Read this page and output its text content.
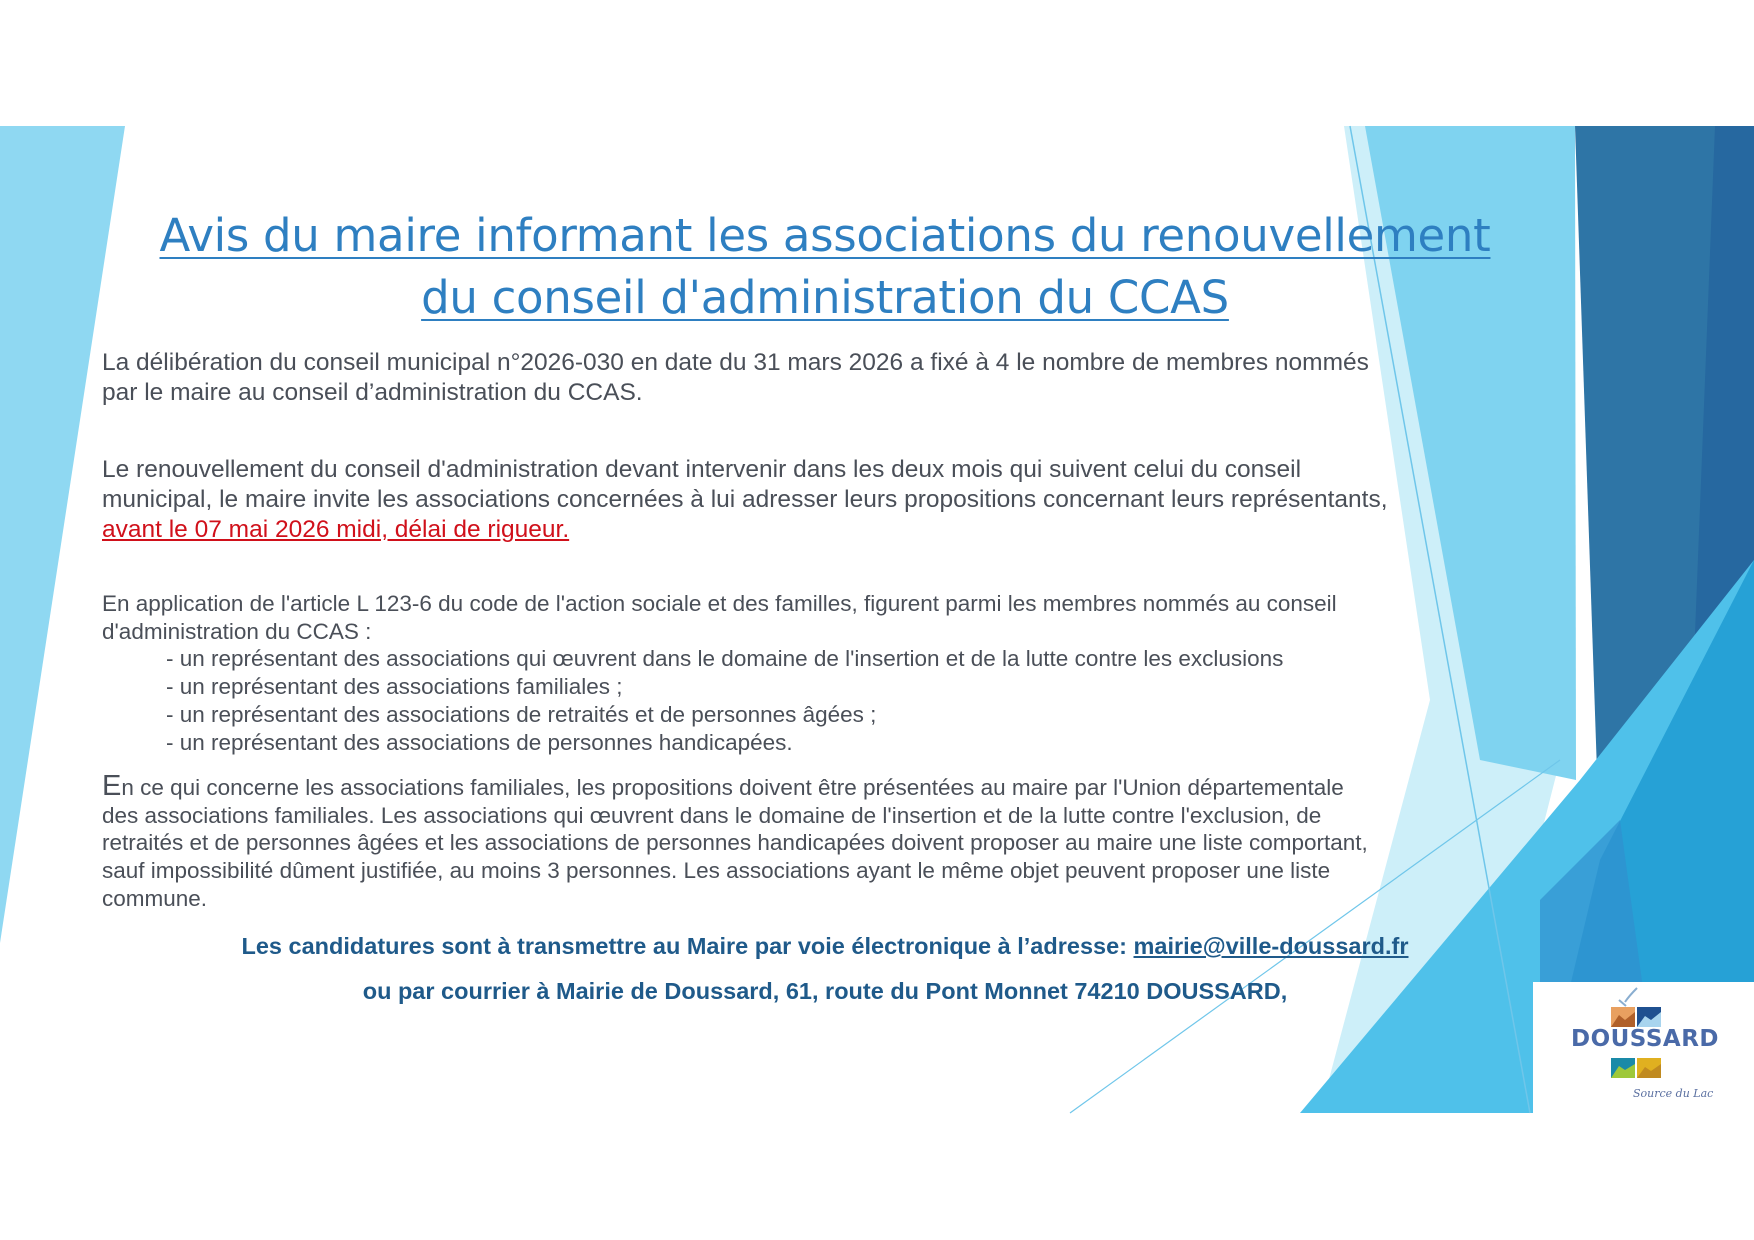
Avis du maire informant les associations du renouvellement
du conseil d'administration du CCAS
La délibération du conseil municipal n°2026-030 en date du 31 mars 2026 a fixé à 4 le nombre de membres nommés
par le maire au conseil d’administration du CCAS.
Le renouvellement du conseil d'administration devant intervenir dans les deux mois qui suivent celui du conseil
municipal, le maire invite les associations concernées à lui adresser leurs propositions concernant leurs représentants,
avant le 07 mai 2026 midi, délai de rigueur.
En application de l'article L 123-6 du code de l'action sociale et des familles, figurent parmi les membres nommés au conseil
d'administration du CCAS :
- un représentant des associations qui œuvrent dans le domaine de l'insertion et de la lutte contre les exclusions
- un représentant des associations familiales ;
- un représentant des associations de retraités et de personnes âgées ;
- un représentant des associations de personnes handicapées.
En ce qui concerne les associations familiales, les propositions doivent être présentées au maire par l'Union départementale
des associations familiales. Les associations qui œuvrent dans le domaine de l'insertion et de la lutte contre l'exclusion, de
retraités et de personnes âgées et les associations de personnes handicapées doivent proposer au maire une liste comportant,
sauf impossibilité dûment justifiée, au moins 3 personnes. Les associations ayant le même objet peuvent proposer une liste
commune.
Les candidatures sont à transmettre au Maire par voie électronique à l’adresse: mairie@ville-doussard.fr
ou par courrier à Mairie de Doussard, 61, route du Pont Monnet 74210 DOUSSARD,
DOUSSARD
Source du Lac
